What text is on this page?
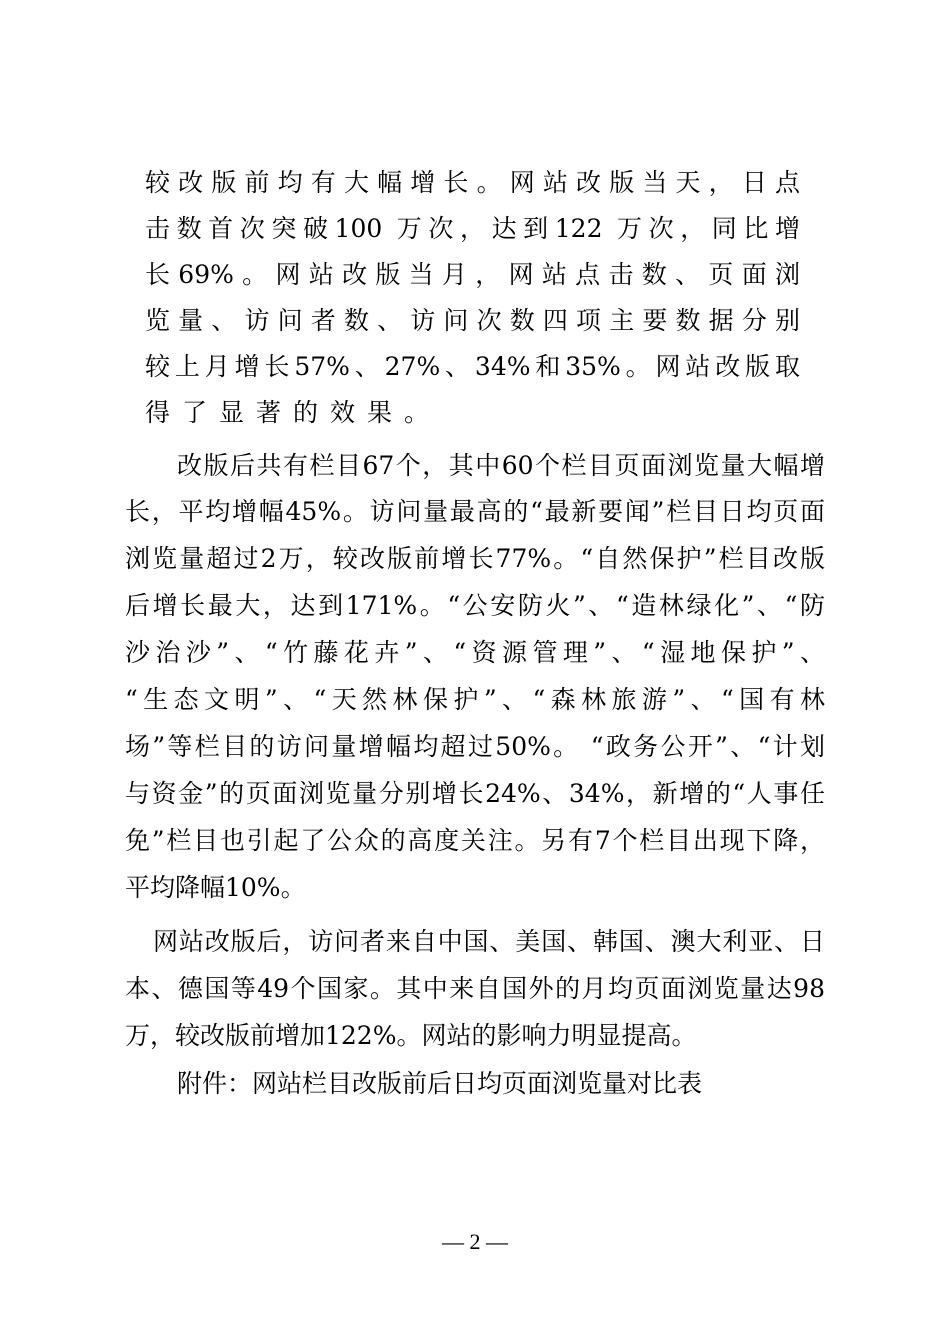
较改版前均有大幅增长。网站改版当天，日点
击数首次突破100 万次，达到122 万次，同比增
长69%。网站改版当月，网站点击数、页面浏
览量、访问者数、访问次数四项主要数据分别
较上月增长57%、27%、34%和35%。网站改版取
得了显著的效果。
改版后共有栏目67个，其中60个栏目页面浏览量大幅增
长，平均增幅45%。访问量最高的“最新要闻”栏目日均页面
浏览量超过2万，较改版前增长77%。“自然保护”栏目改版
后增长最大，达到171%。“公安防火”、“造林绿化”、“防
沙治沙”、“竹藤花卉”、“资源管理”、“湿地保护”、
“生态文明”、“天然林保护”、“森林旅游”、“国有林
场”等栏目的访问量增幅均超过50%。 “政务公开”、“计划
与资金”的页面浏览量分别增长24%、34%，新增的“人事任
免”栏目也引起了公众的高度关注。另有7个栏目出现下降，
平均降幅10%。
网站改版后，访问者来自中国、美国、韩国、澳大利亚、日
本、德国等49个国家。其中来自国外的月均页面浏览量达98
万，较改版前增加122%。网站的影响力明显提高。
附件：网站栏目改版前后日均页面浏览量对比表
— 2 —
